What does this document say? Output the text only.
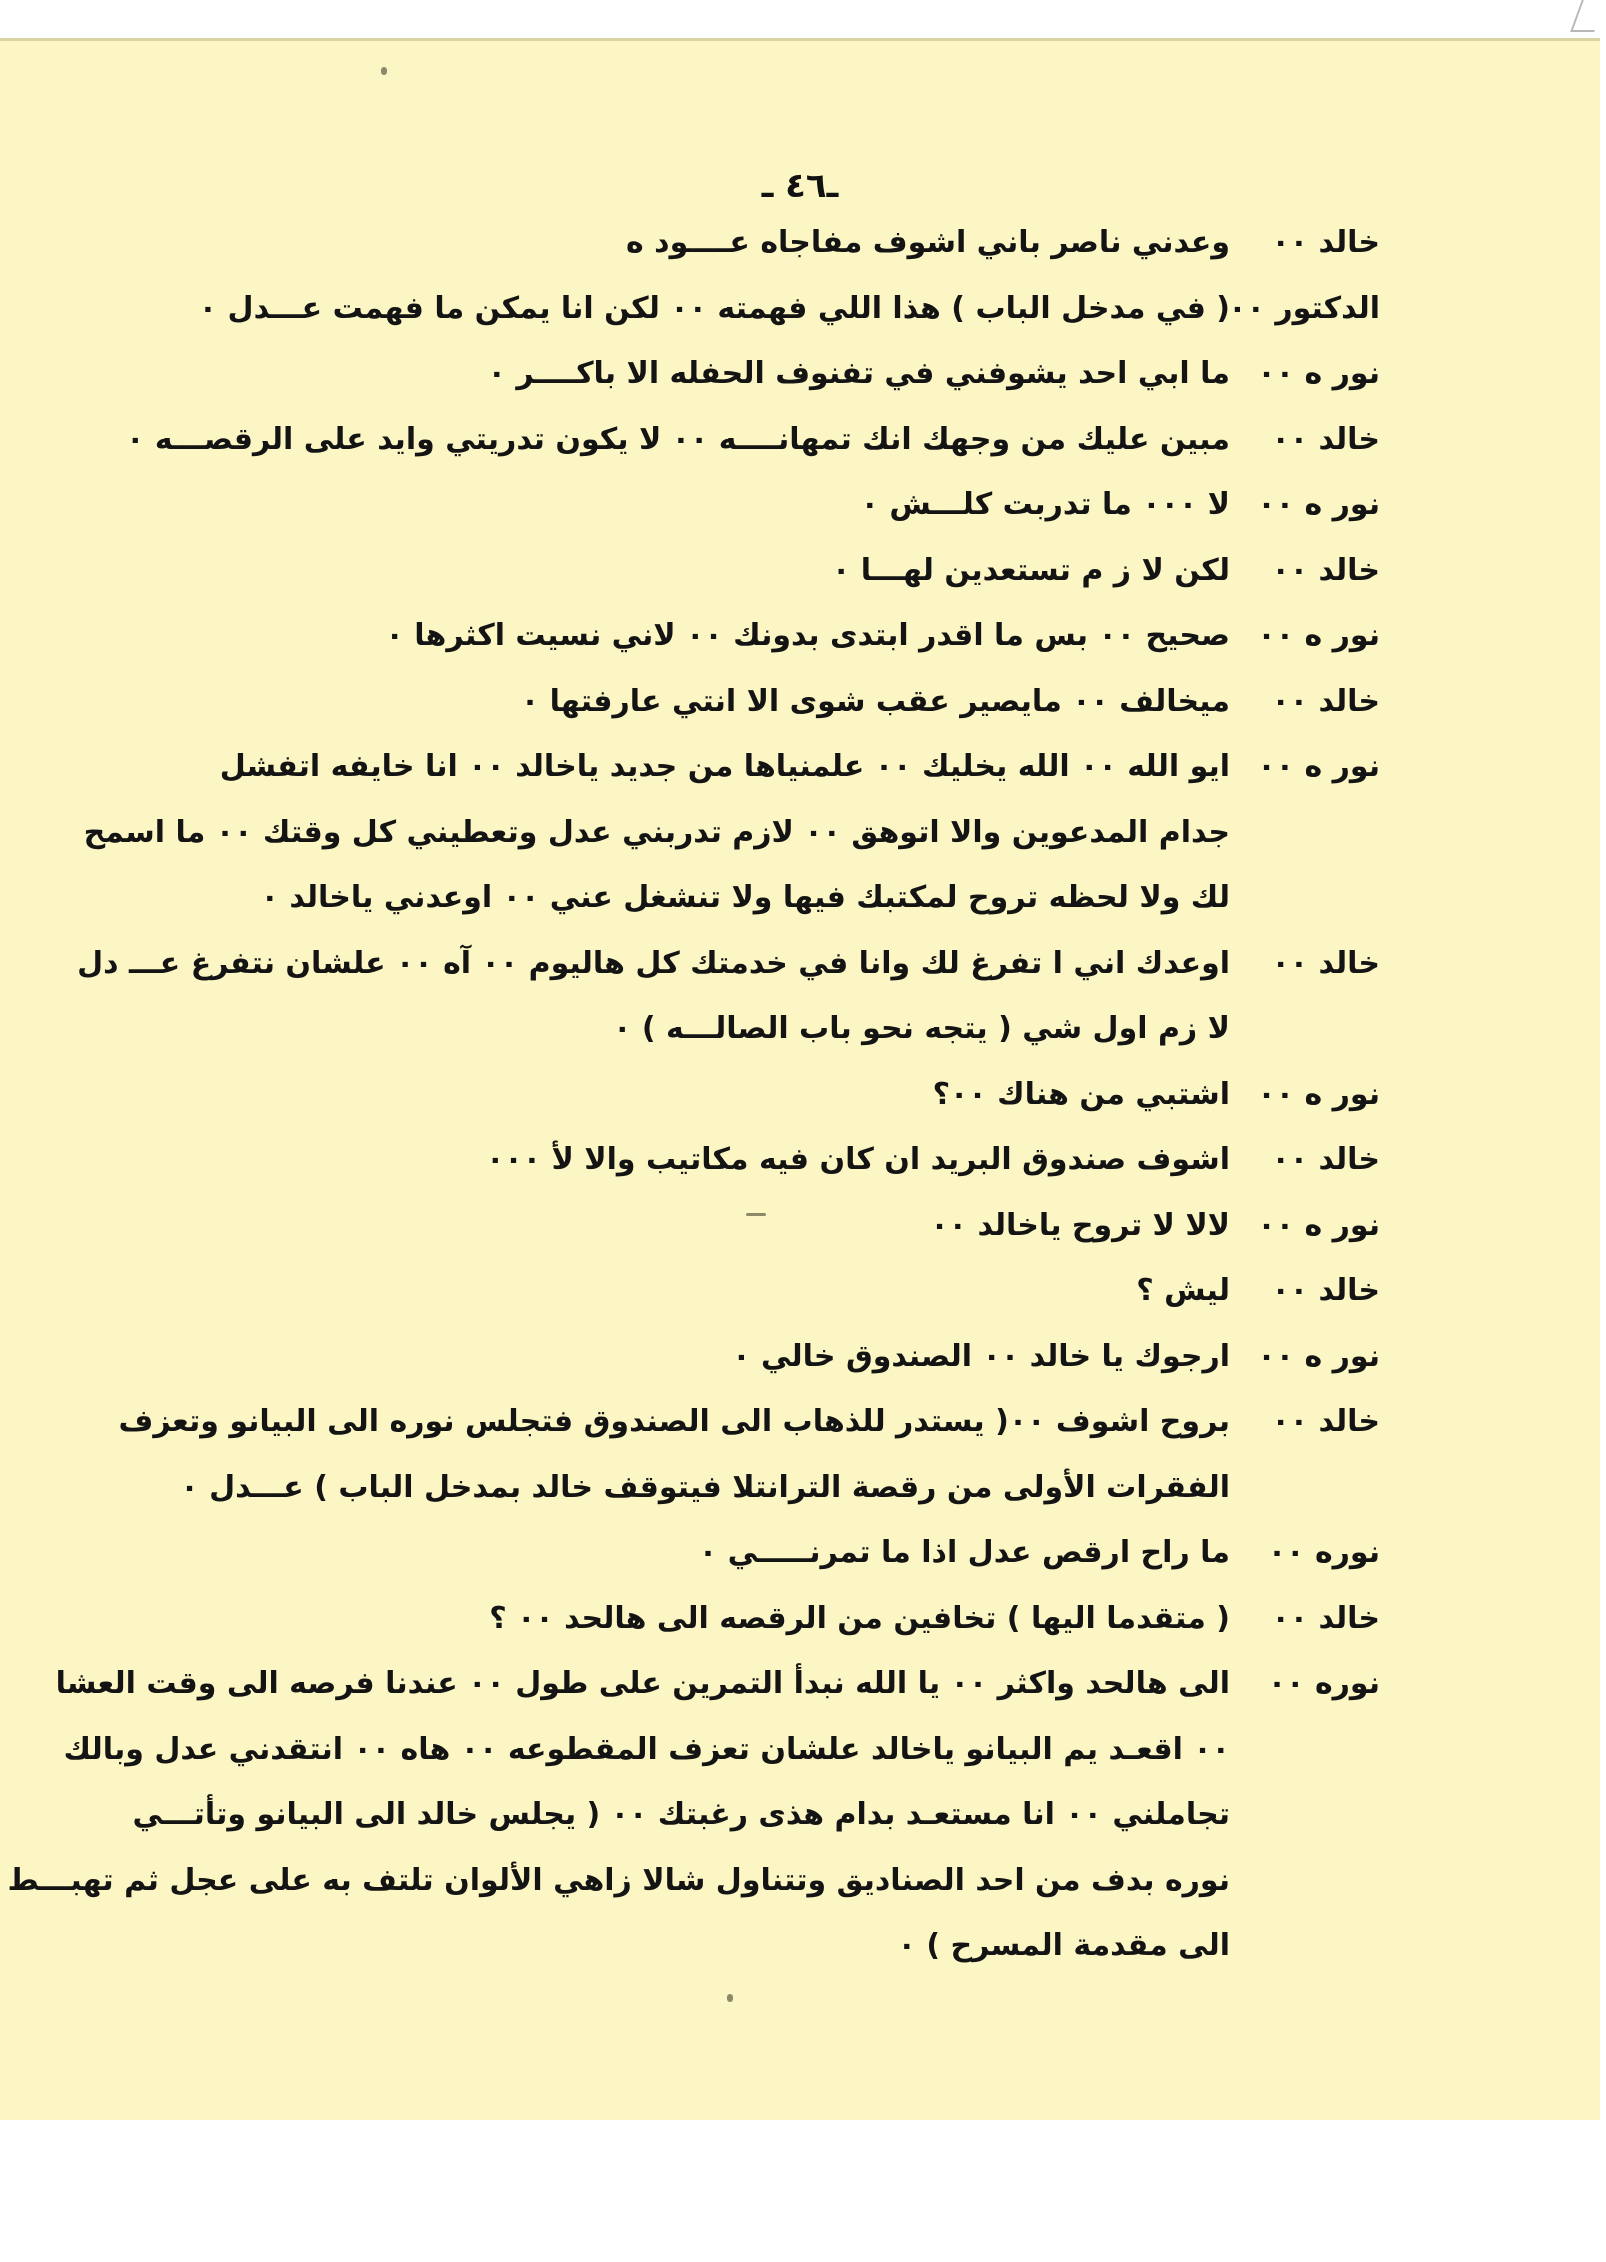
ـ٤٦ ـ
خالد ٠٠
وعدني ناصر باني اشوف مفاجاه عــــود ه
الدكتور ٠٠
( في مدخل الباب ) هذا اللي فهمته ٠٠ لكن انا يمكن ما فهمت عـــدل ٠
نور ه ٠٠
ما ابي احد يشوفني في تفنوف الحفله الا باكــــر ٠
خالد ٠٠
مبين عليك من وجهك انك تمهانــــه ٠٠ لا يكون تدريتي وايد على الرقصـــه ٠
نور ه ٠٠
لا ٠٠٠ ما تدربت كلـــش ٠
خالد ٠٠
لكن لا ز م تستعدين لهـــا ٠
نور ه ٠٠
صحيح ٠٠ بس ما اقدر ابتدى بدونك ٠٠ لاني نسيت اكثرها ٠
خالد ٠٠
ميخالف ٠٠ مايصير عقب شوى الا انتي عارفتها ٠
نور ه ٠٠
ايو الله ٠٠ الله يخليك ٠٠ علمنياها من جديد ياخالد ٠٠ انا خايفه اتفشل
جدام المدعوين والا اتوهق ٠٠ لازم تدربني عدل وتعطيني كل وقتك ٠٠ ما اسمح
لك ولا لحظه تروح لمكتبك فيها ولا تنشغل عني ٠٠ اوعدني ياخالد ٠
خالد ٠٠
اوعدك اني ا تفرغ لك وانا في خدمتك كل هاليوم ٠٠ آه ٠٠ علشان نتفرغ عـــ دل
لا زم اول شي ( يتجه نحو باب الصالـــه ) ٠
نور ه ٠٠
اشتبي من هناك ٠٠؟
خالد ٠٠
اشوف صندوق البريد ان كان فيه مكاتيب والا لأ ٠٠٠
نور ه ٠٠
لالا لا تروح ياخالد ٠٠
خالد ٠٠
ليش ؟
نور ه ٠٠
ارجوك يا خالد ٠٠ الصندوق خالي ٠
خالد ٠٠
بروح اشوف ٠٠( يستدر للذهاب الى الصندوق فتجلس نوره الى البيانو وتعزف
الفقرات الأولى من رقصة الترانتلا فيتوقف خالد بمدخل الباب ) عـــدل ٠
نوره ٠٠
ما راح ارقص عدل اذا ما تمرنـــــي ٠
خالد ٠٠
( متقدما اليها ) تخافين من الرقصه الى هالحد ٠٠ ؟
نوره ٠٠
الى هالحد واكثر ٠٠ يا الله نبدأ التمرين على طول ٠٠ عندنا فرصه الى وقت العشا
٠٠ اقعـد يم البيانو ياخالد علشان تعزف المقطوعه ٠٠ هاه ٠٠ انتقدني عدل وبالك
تجاملني ٠٠ انا مستعـد بدام هذى رغبتك ٠٠ ( يجلس خالد الى البيانو وتأتـــي
نوره بدف من احد الصناديق وتتناول شالا زاهي الألوان تلتف به على عجل ثم تهبـــط
الى مقدمة المسرح ) ٠
